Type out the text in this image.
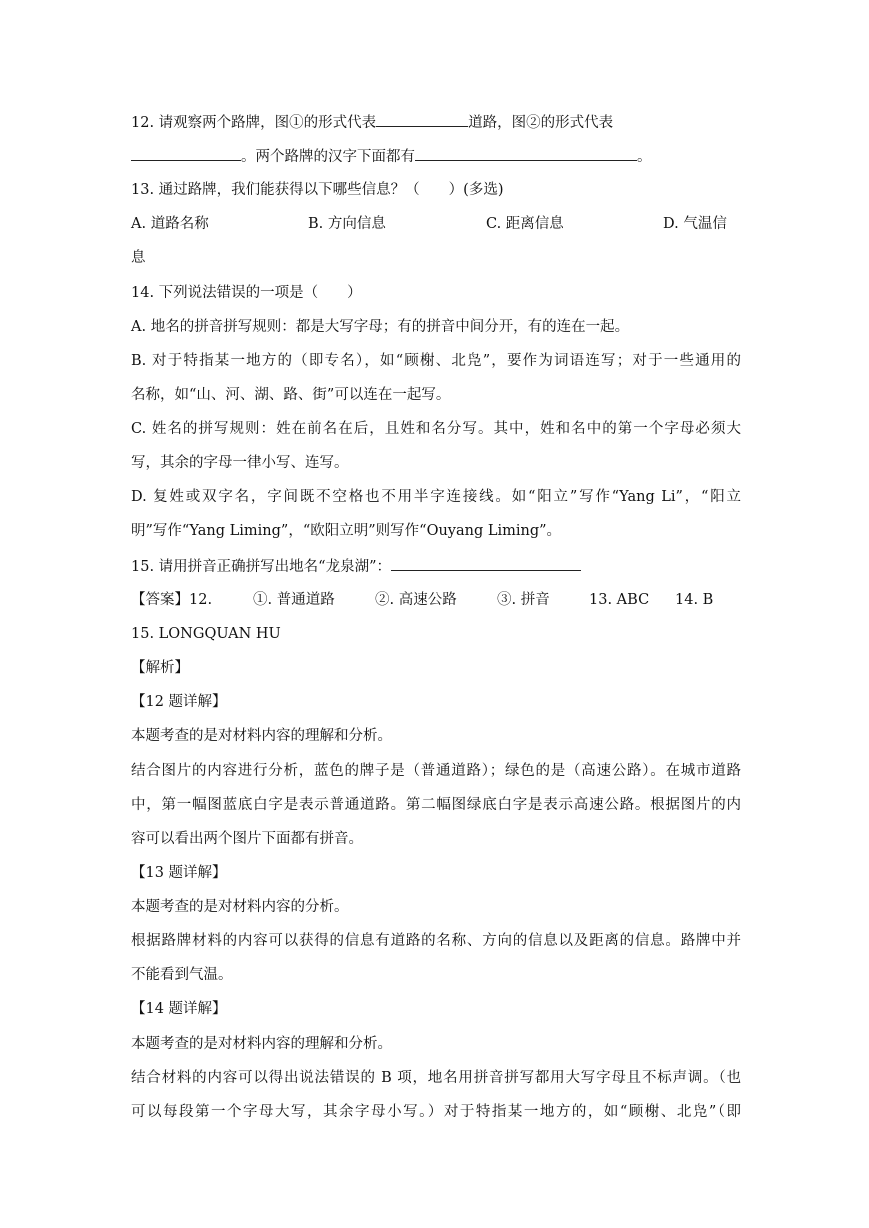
12. 请观察两个路牌，图①的形式代表	道路，图②的形式代表
。两个路牌的汉字下面都有	。
13. 通过路牌，我们能获得以下哪些信息？（　　）(多选)
A. 道路名称	B. 方向信息	C. 距离信息	D. 气温信
息
14. 下列说法错误的一项是（　　）
A. 地名的拼音拼写规则：都是大写字母；有的拼音中间分开，有的连在一起。
B. 对于特指某一地方的（即专名），如“顾榭、北凫”，要作为词语连写；对于一些通用的
名称，如“山、河、湖、路、街”可以连在一起写。
C. 姓名的拼写规则：姓在前名在后，且姓和名分写。其中，姓和名中的第一个字母必须大
写，其余的字母一律小写、连写。
D. 复姓或双字名，字间既不空格也不用半字连接线。如“阳立”写作“Yang Li”，“阳立
明”写作“Yang Liming”，“欧阳立明”则写作“Ouyang Liming”。
15. 请用拼音正确拼写出地名“龙泉湖”：
【答案】12.	①. 普通道路	②. 高速公路	③. 拼音	13. ABC 14. B
15. LONGQUAN HU
【解析】
【12 题详解】
本题考查的是对材料内容的理解和分析。
结合图片的内容进行分析，蓝色的牌子是（普通道路）；绿色的是（高速公路）。在城市道路
中，第一幅图蓝底白字是表示普通道路。第二幅图绿底白字是表示高速公路。根据图片的内
容可以看出两个图片下面都有拼音。
【13 题详解】
本题考查的是对材料内容的分析。
根据路牌材料的内容可以获得的信息有道路的名称、方向的信息以及距离的信息。路牌中并
不能看到气温。
【14 题详解】
本题考查的是对材料内容的理解和分析。
结合材料的内容可以得出说法错误的 B 项，地名用拼音拼写都用大写字母且不标声调。（也
可以每段第一个字母大写，其余字母小写。）对于特指某一地方的，如“顾榭、北凫”（即
